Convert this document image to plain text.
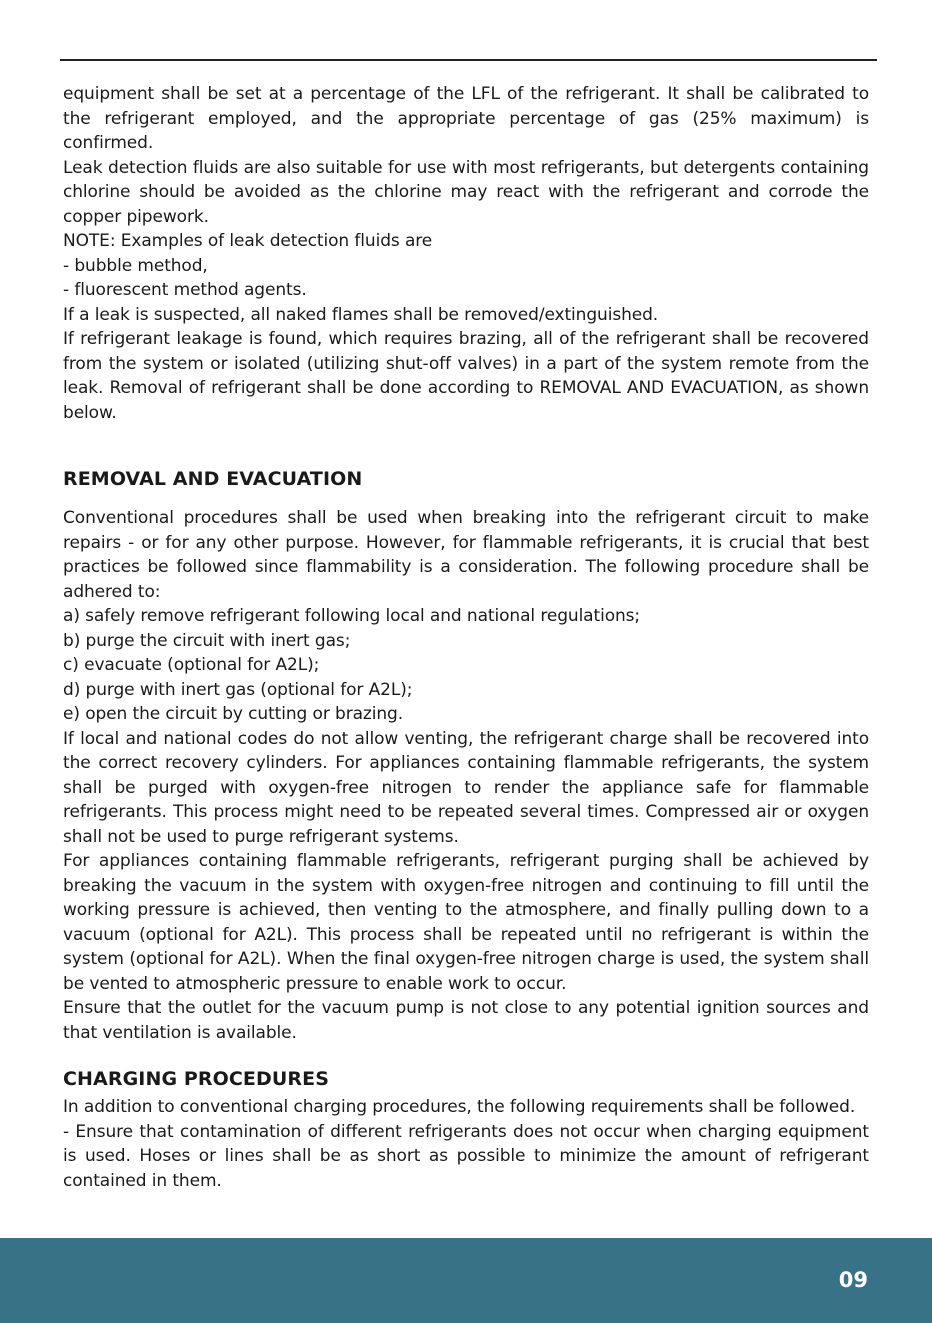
equipment shall be set at a percentage of the LFL of the refrigerant. It shall be calibrated to the refrigerant employed, and the appropriate percentage of gas (25% maximum) is confirmed.

Leak detection fluids are also suitable for use with most refrigerants, but detergents containing chlorine should be avoided as the chlorine may react with the refrigerant and corrode the copper pipework.

NOTE: Examples of leak detection fluids are

- bubble method,

- fluorescent method agents.

If a leak is suspected, all naked flames shall be removed/extinguished.

If refrigerant leakage is found, which requires brazing, all of the refrigerant shall be recovered from the system or isolated (utilizing shut-off valves) in a part of the system remote from the leak. Removal of refrigerant shall be done according to REMOVAL AND EVACUATION, as shown below.

REMOVAL AND EVACUATION

Conventional procedures shall be used when breaking into the refrigerant circuit to make repairs - or for any other purpose. However, for flammable refrigerants, it is crucial that best practices be followed since flammability is a consideration. The following procedure shall be adhered to:

a) safely remove refrigerant following local and national regulations;

b) purge the circuit with inert gas;

c) evacuate (optional for A2L);

d) purge with inert gas (optional for A2L);

e) open the circuit by cutting or brazing.

If local and national codes do not allow venting, the refrigerant charge shall be recovered into the correct recovery cylinders. For appliances containing flammable refrigerants, the system shall be purged with oxygen-free nitrogen to render the appliance safe for flammable refrigerants. This process might need to be repeated several times. Compressed air or oxygen shall not be used to purge refrigerant systems.

For appliances containing flammable refrigerants, refrigerant purging shall be achieved by breaking the vacuum in the system with oxygen-free nitrogen and continuing to fill until the working pressure is achieved, then venting to the atmosphere, and finally pulling down to a vacuum (optional for A2L). This process shall be repeated until no refrigerant is within the system (optional for A2L). When the final oxygen-free nitrogen charge is used, the system shall be vented to atmospheric pressure to enable work to occur.

Ensure that the outlet for the vacuum pump is not close to any potential ignition sources and that ventilation is available.

CHARGING PROCEDURES

In addition to conventional charging procedures, the following requirements shall be followed.

- Ensure that contamination of different refrigerants does not occur when charging equipment is used. Hoses or lines shall be as short as possible to minimize the amount of refrigerant contained in them.

09
